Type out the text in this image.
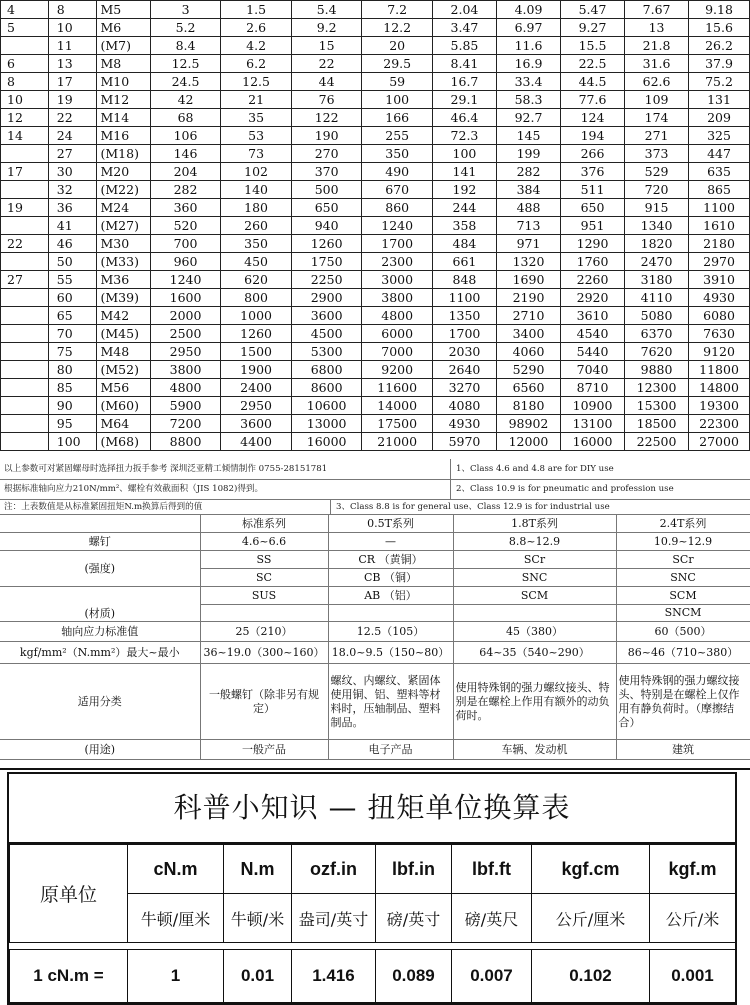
4	8	M5	3	1.5	5.4	7.2	2.04	4.09	5.47	7.67	9.18
5	10	M6	5.2	2.6	9.2	12.2	3.47	6.97	9.27	13	15.6
	11	(M7)	8.4	4.2	15	20	5.85	11.6	15.5	21.8	26.2
6	13	M8	12.5	6.2	22	29.5	8.41	16.9	22.5	31.6	37.9
8	17	M10	24.5	12.5	44	59	16.7	33.4	44.5	62.6	75.2
10	19	M12	42	21	76	100	29.1	58.3	77.6	109	131
12	22	M14	68	35	122	166	46.4	92.7	124	174	209
14	24	M16	106	53	190	255	72.3	145	194	271	325
	27	(M18)	146	73	270	350	100	199	266	373	447
17	30	M20	204	102	370	490	141	282	376	529	635
	32	(M22)	282	140	500	670	192	384	511	720	865
19	36	M24	360	180	650	860	244	488	650	915	1100
	41	(M27)	520	260	940	1240	358	713	951	1340	1610
22	46	M30	700	350	1260	1700	484	971	1290	1820	2180
	50	(M33)	960	450	1750	2300	661	1320	1760	2470	2970
27	55	M36	1240	620	2250	3000	848	1690	2260	3180	3910
	60	(M39)	1600	800	2900	3800	1100	2190	2920	4110	4930
	65	M42	2000	1000	3600	4800	1350	2710	3610	5080	6080
	70	(M45)	2500	1260	4500	6000	1700	3400	4540	6370	7630
	75	M48	2950	1500	5300	7000	2030	4060	5440	7620	9120
	80	(M52)	3800	1900	6800	9200	2640	5290	7040	9880	11800
	85	M56	4800	2400	8600	11600	3270	6560	8710	12300	14800
	90	(M60)	5900	2950	10600	14000	4080	8180	10900	15300	19300
	95	M64	7200	3600	13000	17500	4930	98902	13100	18500	22300
	100	(M68)	8800	4400	16000	21000	5970	12000	16000	22500	27000
以上参数可对紧固螺母时选择扭力扳手参考 深圳泛亚精工倾情制作 0755-28151781	1、Class 4.6 and 4.8 are for DIY use
根据标准轴向应力210N/mm²、螺栓有效截面积（JIS 1082)得到。	2、Class 10.9 is for pneumatic and profession use
注：上表数值是从标准紧固扭矩N.m换算后得到的值	3、Class 8.8 is for general use、Class 12.9 is for industrial use
	标准系列	0.5T系列	1.8T系列	2.4T系列
螺钉	4.6~6.6	—	8.8~12.9	10.9~12.9
(强度)	SS	CR （黄铜）	SCr	SCr
	SC	CB （铜）	SNC	SNC
(材质)	SUS	AB （铝）	SCM	SCM
				SNCM
轴向应力标准值	25（210）	12.5（105）	45（380）	60（500）
kgf/mm²（N.mm²）最大~最小	36~19.0（300~160）	18.0~9.5（150~80）	64~35（540~290）	86~46（710~380）
适用分类	一般螺钉（除非另有规定）	螺纹、内螺纹、紧固体使用铜、铝、塑料等材料时，压轴制品、塑料制品。	使用特殊钢的强力螺纹接头、特别是在螺栓上作用有额外的动负荷时。	使用特殊钢的强力螺纹接头、特别是在螺栓上仅作用有静负荷时。（摩擦结合）
(用途)	一般产品	电子产品	车辆、发动机	建筑
科普小知识 — 扭矩单位换算表
原单位	cN.m	N.m	ozf.in	lbf.in	lbf.ft	kgf.cm	kgf.m
	牛顿/厘米	牛顿/米	盎司/英寸	磅/英寸	磅/英尺	公斤/厘米	公斤/米

1 cN.m =	1	0.01	1.416	0.089	0.007	0.102	0.001
